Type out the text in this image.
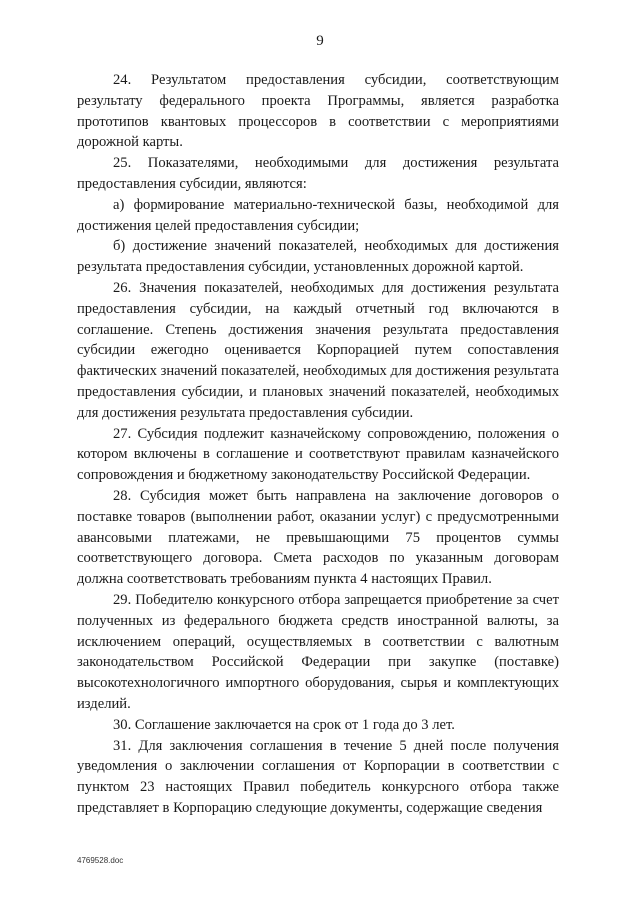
9

24. Результатом предоставления субсидии, соответствующим результату федерального проекта Программы, является разработка прототипов квантовых процессоров в соответствии с мероприятиями дорожной карты.

25. Показателями, необходимыми для достижения результата предоставления субсидии, являются:

а) формирование материально-технической базы, необходимой для достижения целей предоставления субсидии;

б) достижение значений показателей, необходимых для достижения результата предоставления субсидии, установленных дорожной картой.

26. Значения показателей, необходимых для достижения результата предоставления субсидии, на каждый отчетный год включаются в соглашение. Степень достижения значения результата предоставления субсидии ежегодно оценивается Корпорацией путем сопоставления фактических значений показателей, необходимых для достижения результата предоставления субсидии, и плановых значений показателей, необходимых для достижения результата предоставления субсидии.

27. Субсидия подлежит казначейскому сопровождению, положения о котором включены в соглашение и соответствуют правилам казначейского сопровождения и бюджетному законодательству Российской Федерации.

28. Субсидия может быть направлена на заключение договоров о поставке товаров (выполнении работ, оказании услуг) с предусмотренными авансовыми платежами, не превышающими 75 процентов суммы соответствующего договора. Смета расходов по указанным договорам должна соответствовать требованиям пункта 4 настоящих Правил.

29. Победителю конкурсного отбора запрещается приобретение за счет полученных из федерального бюджета средств иностранной валюты, за исключением операций, осуществляемых в соответствии с валютным законодательством Российской Федерации при закупке (поставке) высокотехнологичного импортного оборудования, сырья и комплектующих изделий.

30. Соглашение заключается на срок от 1 года до 3 лет.

31. Для заключения соглашения в течение 5 дней после получения уведомления о заключении соглашения от Корпорации в соответствии с пунктом 23 настоящих Правил победитель конкурсного отбора также представляет в Корпорацию следующие документы, содержащие сведения

4769528.doc
